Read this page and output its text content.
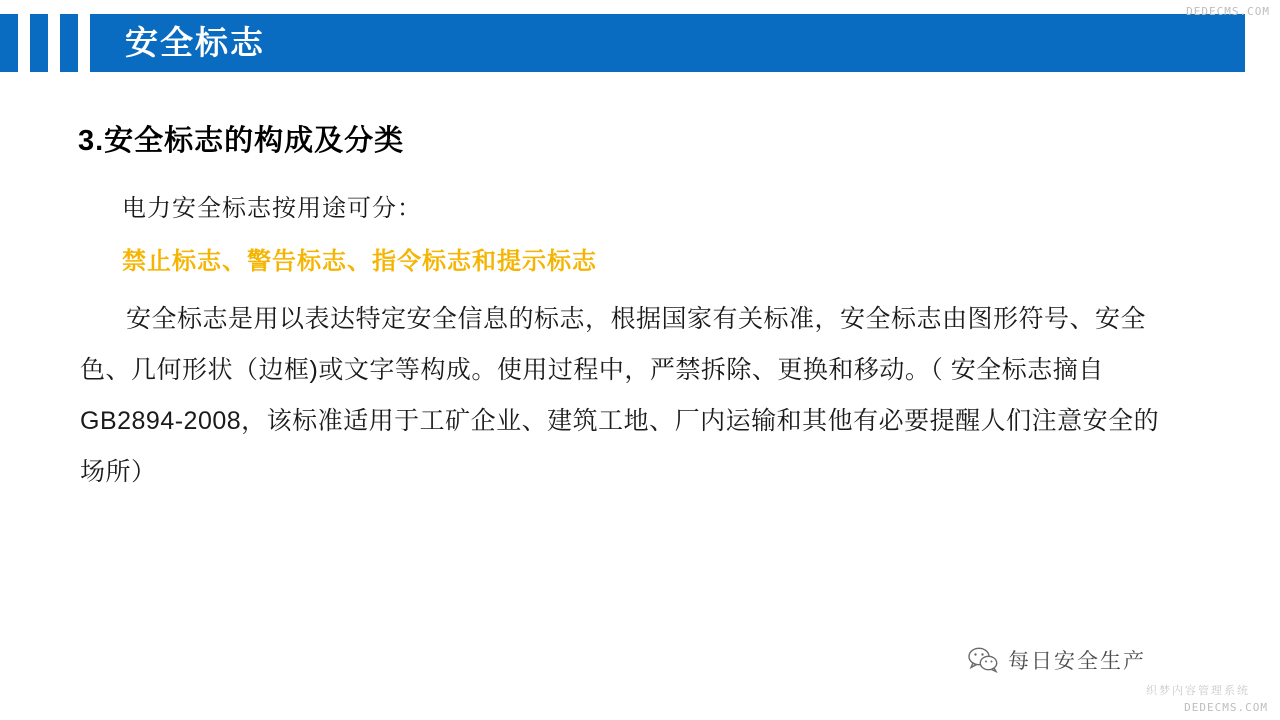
安全标志
3.安全标志的构成及分类
电力安全标志按用途可分：
禁止标志、警告标志、指令标志和提示标志
安全标志是用以表达特定安全信息的标志，根据国家有关标准，安全标志由图形符号、安全色、几何形状（边框)或文字等构成。使用过程中，严禁拆除、更换和移动。（ 安全标志摘自GB2894-2008，该标准适用于工矿企业、建筑工地、厂内运输和其他有必要提醒人们注意安全的场所）
DEDECMS.COM
每日安全生产
织梦内容管理系统
DEDECMS.COM
